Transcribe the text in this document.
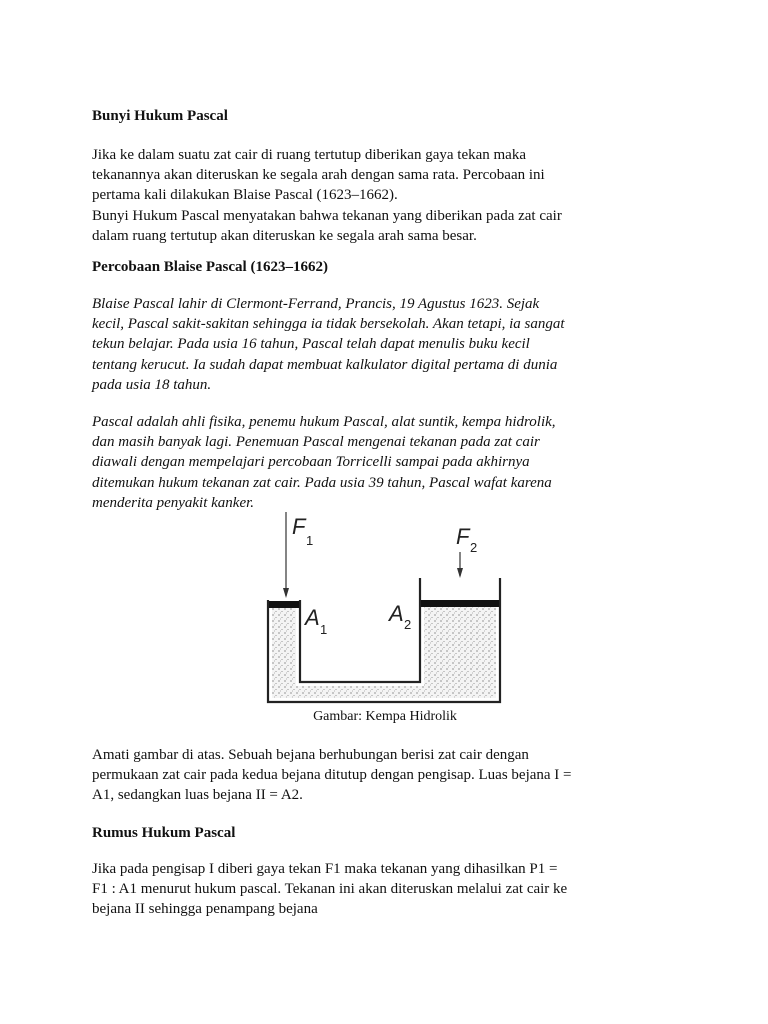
Bunyi Hukum Pascal
Jika ke dalam suatu zat cair di ruang tertutup diberikan gaya tekan maka
tekanannya akan diteruskan ke segala arah dengan sama rata. Percobaan ini
pertama kali dilakukan Blaise Pascal (1623–1662).
Bunyi Hukum Pascal menyatakan bahwa tekanan yang diberikan pada zat cair
dalam ruang tertutup akan diteruskan ke segala arah sama besar.
Percobaan Blaise Pascal (1623–1662)
Blaise Pascal lahir di Clermont-Ferrand, Prancis, 19 Agustus 1623. Sejak
kecil, Pascal sakit-sakitan sehingga ia tidak bersekolah. Akan tetapi, ia sangat
tekun belajar. Pada usia 16 tahun, Pascal telah dapat menulis buku kecil
tentang kerucut. Ia sudah dapat membuat kalkulator digital pertama di dunia
pada usia 18 tahun.
Pascal adalah ahli fisika, penemu hukum Pascal, alat suntik, kempa hidrolik,
dan masih banyak lagi. Penemuan Pascal mengenai tekanan pada zat cair
diawali dengan mempelajari percobaan Torricelli sampai pada akhirnya
ditemukan hukum tekanan zat cair. Pada usia 39 tahun, Pascal wafat karena
menderita penyakit kanker.
Amati gambar di atas. Sebuah bejana berhubungan berisi zat cair dengan
permukaan zat cair pada kedua bejana ditutup dengan pengisap. Luas bejana I =
A1, sedangkan luas bejana II = A2.
Rumus Hukum Pascal
Jika pada pengisap I diberi gaya tekan F1 maka tekanan yang dihasilkan P1 =
F1 : A1 menurut hukum pascal. Tekanan ini akan diteruskan melalui zat cair ke
bejana II sehingga penampang bejana
F
1	F 2
A 1
A 2
Gambar: Kempa Hidrolik
